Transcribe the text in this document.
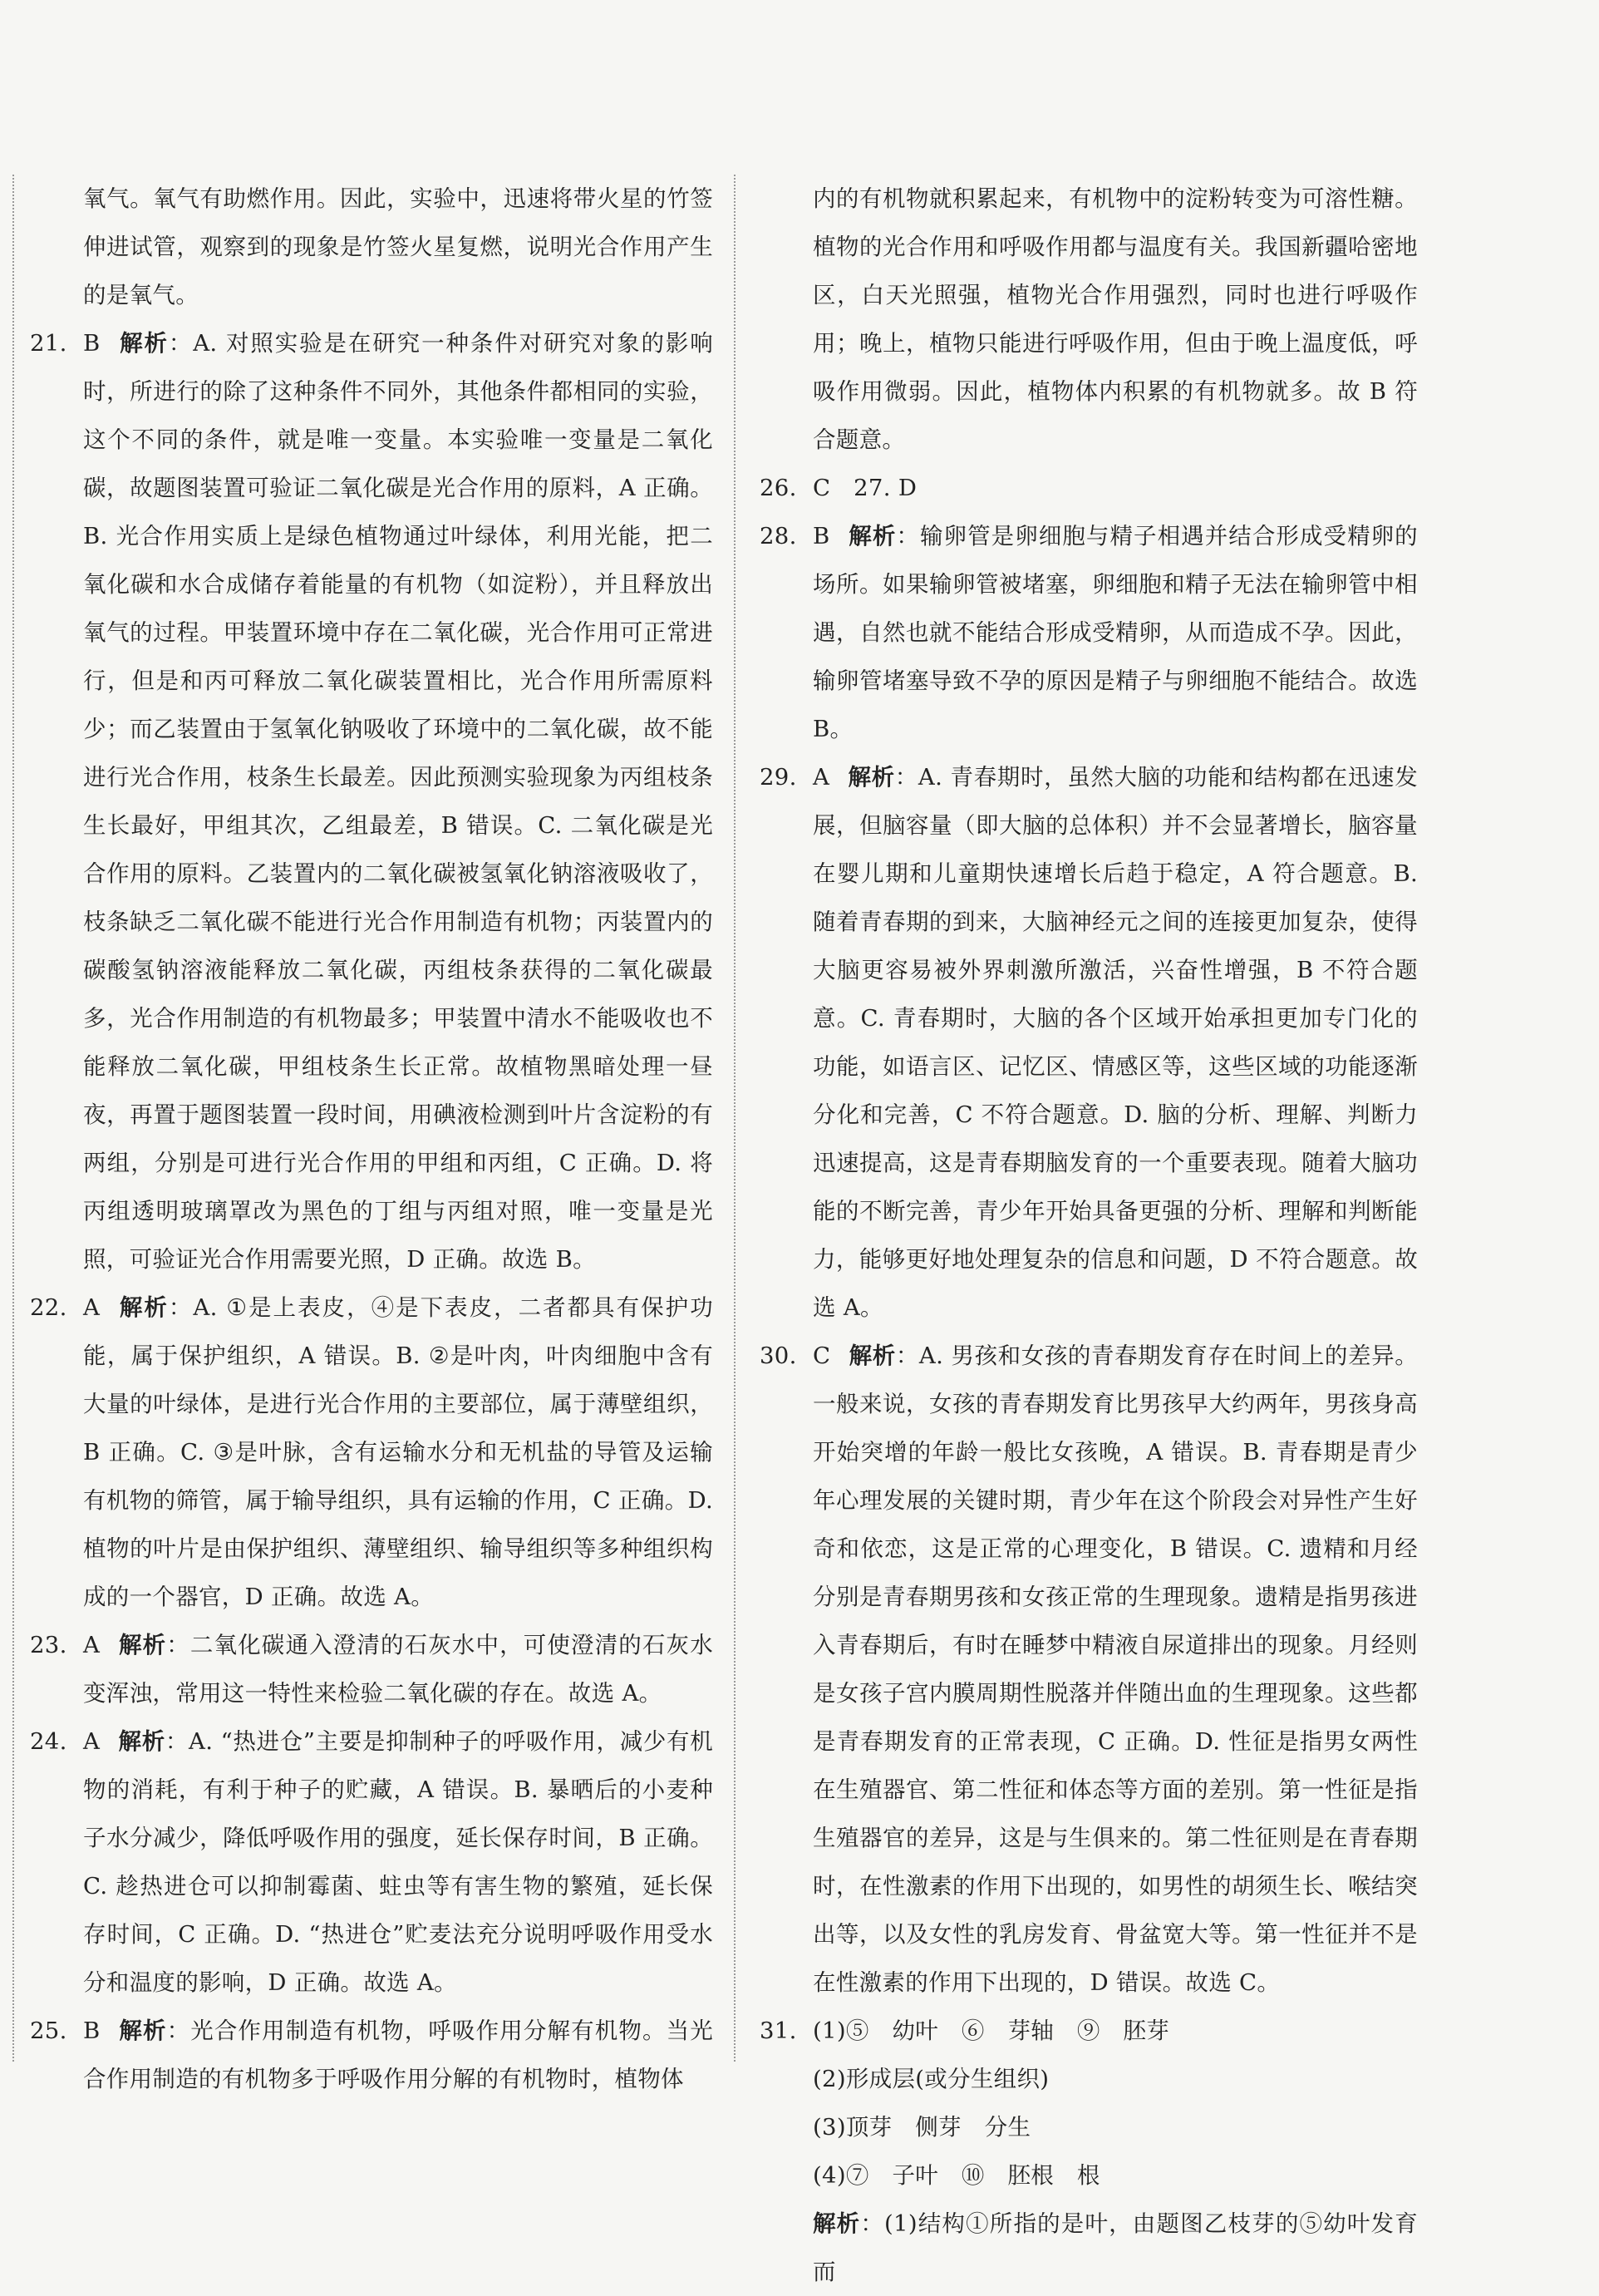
氧气。氧气有助燃作用。因此，实验中，迅速将带火星的竹签伸进试管，观察到的现象是竹签火星复燃，说明光合作用产生的是氧气。

21. B 解析：A. 对照实验是在研究一种条件对研究对象的影响时，所进行的除了这种条件不同外，其他条件都相同的实验，这个不同的条件，就是唯一变量。本实验唯一变量是二氧化碳，故题图装置可验证二氧化碳是光合作用的原料，A 正确。B. 光合作用实质上是绿色植物通过叶绿体，利用光能，把二氧化碳和水合成储存着能量的有机物（如淀粉），并且释放出氧气的过程。甲装置环境中存在二氧化碳，光合作用可正常进行，但是和丙可释放二氧化碳装置相比，光合作用所需原料少；而乙装置由于氢氧化钠吸收了环境中的二氧化碳，故不能进行光合作用，枝条生长最差。因此预测实验现象为丙组枝条生长最好，甲组其次，乙组最差，B 错误。C. 二氧化碳是光合作用的原料。乙装置内的二氧化碳被氢氧化钠溶液吸收了，枝条缺乏二氧化碳不能进行光合作用制造有机物；丙装置内的碳酸氢钠溶液能释放二氧化碳，丙组枝条获得的二氧化碳最多，光合作用制造的有机物最多；甲装置中清水不能吸收也不能释放二氧化碳，甲组枝条生长正常。故植物黑暗处理一昼夜，再置于题图装置一段时间，用碘液检测到叶片含淀粉的有两组，分别是可进行光合作用的甲组和丙组，C 正确。D. 将丙组透明玻璃罩改为黑色的丁组与丙组对照，唯一变量是光照，可验证光合作用需要光照，D 正确。故选 B。

22. A 解析：A. ①是上表皮，④是下表皮，二者都具有保护功能，属于保护组织，A 错误。B. ②是叶肉，叶肉细胞中含有大量的叶绿体，是进行光合作用的主要部位，属于薄壁组织，B 正确。C. ③是叶脉，含有运输水分和无机盐的导管及运输有机物的筛管，属于输导组织，具有运输的作用，C 正确。D. 植物的叶片是由保护组织、薄壁组织、输导组织等多种组织构成的一个器官，D 正确。故选 A。

23. A 解析：二氧化碳通入澄清的石灰水中，可使澄清的石灰水变浑浊，常用这一特性来检验二氧化碳的存在。故选 A。

24. A 解析：A. “热进仓”主要是抑制种子的呼吸作用，减少有机物的消耗，有利于种子的贮藏，A 错误。B. 暴晒后的小麦种子水分减少，降低呼吸作用的强度，延长保存时间，B 正确。C. 趁热进仓可以抑制霉菌、蛀虫等有害生物的繁殖，延长保存时间，C 正确。D. “热进仓”贮麦法充分说明呼吸作用受水分和温度的影响，D 正确。故选 A。

25. B 解析：光合作用制造有机物，呼吸作用分解有机物。当光合作用制造的有机物多于呼吸作用分解的有机物时，植物体

内的有机物就积累起来，有机物中的淀粉转变为可溶性糖。植物的光合作用和呼吸作用都与温度有关。我国新疆哈密地区，白天光照强，植物光合作用强烈，同时也进行呼吸作用；晚上，植物只能进行呼吸作用，但由于晚上温度低，呼吸作用微弱。因此，植物体内积累的有机物就多。故 B 符合题意。

26. C　27. D

28. B 解析：输卵管是卵细胞与精子相遇并结合形成受精卵的场所。如果输卵管被堵塞，卵细胞和精子无法在输卵管中相遇，自然也就不能结合形成受精卵，从而造成不孕。因此，输卵管堵塞导致不孕的原因是精子与卵细胞不能结合。故选 B。

29. A 解析：A. 青春期时，虽然大脑的功能和结构都在迅速发展，但脑容量（即大脑的总体积）并不会显著增长，脑容量在婴儿期和儿童期快速增长后趋于稳定，A 符合题意。B. 随着青春期的到来，大脑神经元之间的连接更加复杂，使得大脑更容易被外界刺激所激活，兴奋性增强，B 不符合题意。C. 青春期时，大脑的各个区域开始承担更加专门化的功能，如语言区、记忆区、情感区等，这些区域的功能逐渐分化和完善，C 不符合题意。D. 脑的分析、理解、判断力迅速提高，这是青春期脑发育的一个重要表现。随着大脑功能的不断完善，青少年开始具备更强的分析、理解和判断能力，能够更好地处理复杂的信息和问题，D 不符合题意。故选 A。

30. C 解析：A. 男孩和女孩的青春期发育存在时间上的差异。一般来说，女孩的青春期发育比男孩早大约两年，男孩身高开始突增的年龄一般比女孩晚，A 错误。B. 青春期是青少年心理发展的关键时期，青少年在这个阶段会对异性产生好奇和依恋，这是正常的心理变化，B 错误。C. 遗精和月经分别是青春期男孩和女孩正常的生理现象。遗精是指男孩进入青春期后，有时在睡梦中精液自尿道排出的现象。月经则是女孩子宫内膜周期性脱落并伴随出血的生理现象。这些都是青春期发育的正常表现，C 正确。D. 性征是指男女两性在生殖器官、第二性征和体态等方面的差别。第一性征是指生殖器官的差异，这是与生俱来的。第二性征则是在青春期时，在性激素的作用下出现的，如男性的胡须生长、喉结突出等，以及女性的乳房发育、骨盆宽大等。第一性征并不是在性激素的作用下出现的，D 错误。故选 C。

31. (1)⑤　幼叶　⑥　芽轴　⑨　胚芽

(2)形成层(或分生组织)

(3)顶芽　侧芽　分生

(4)⑦　子叶　⑩　胚根　根

解析：(1)结构①所指的是叶，由题图乙枝芽的⑤幼叶发育而
